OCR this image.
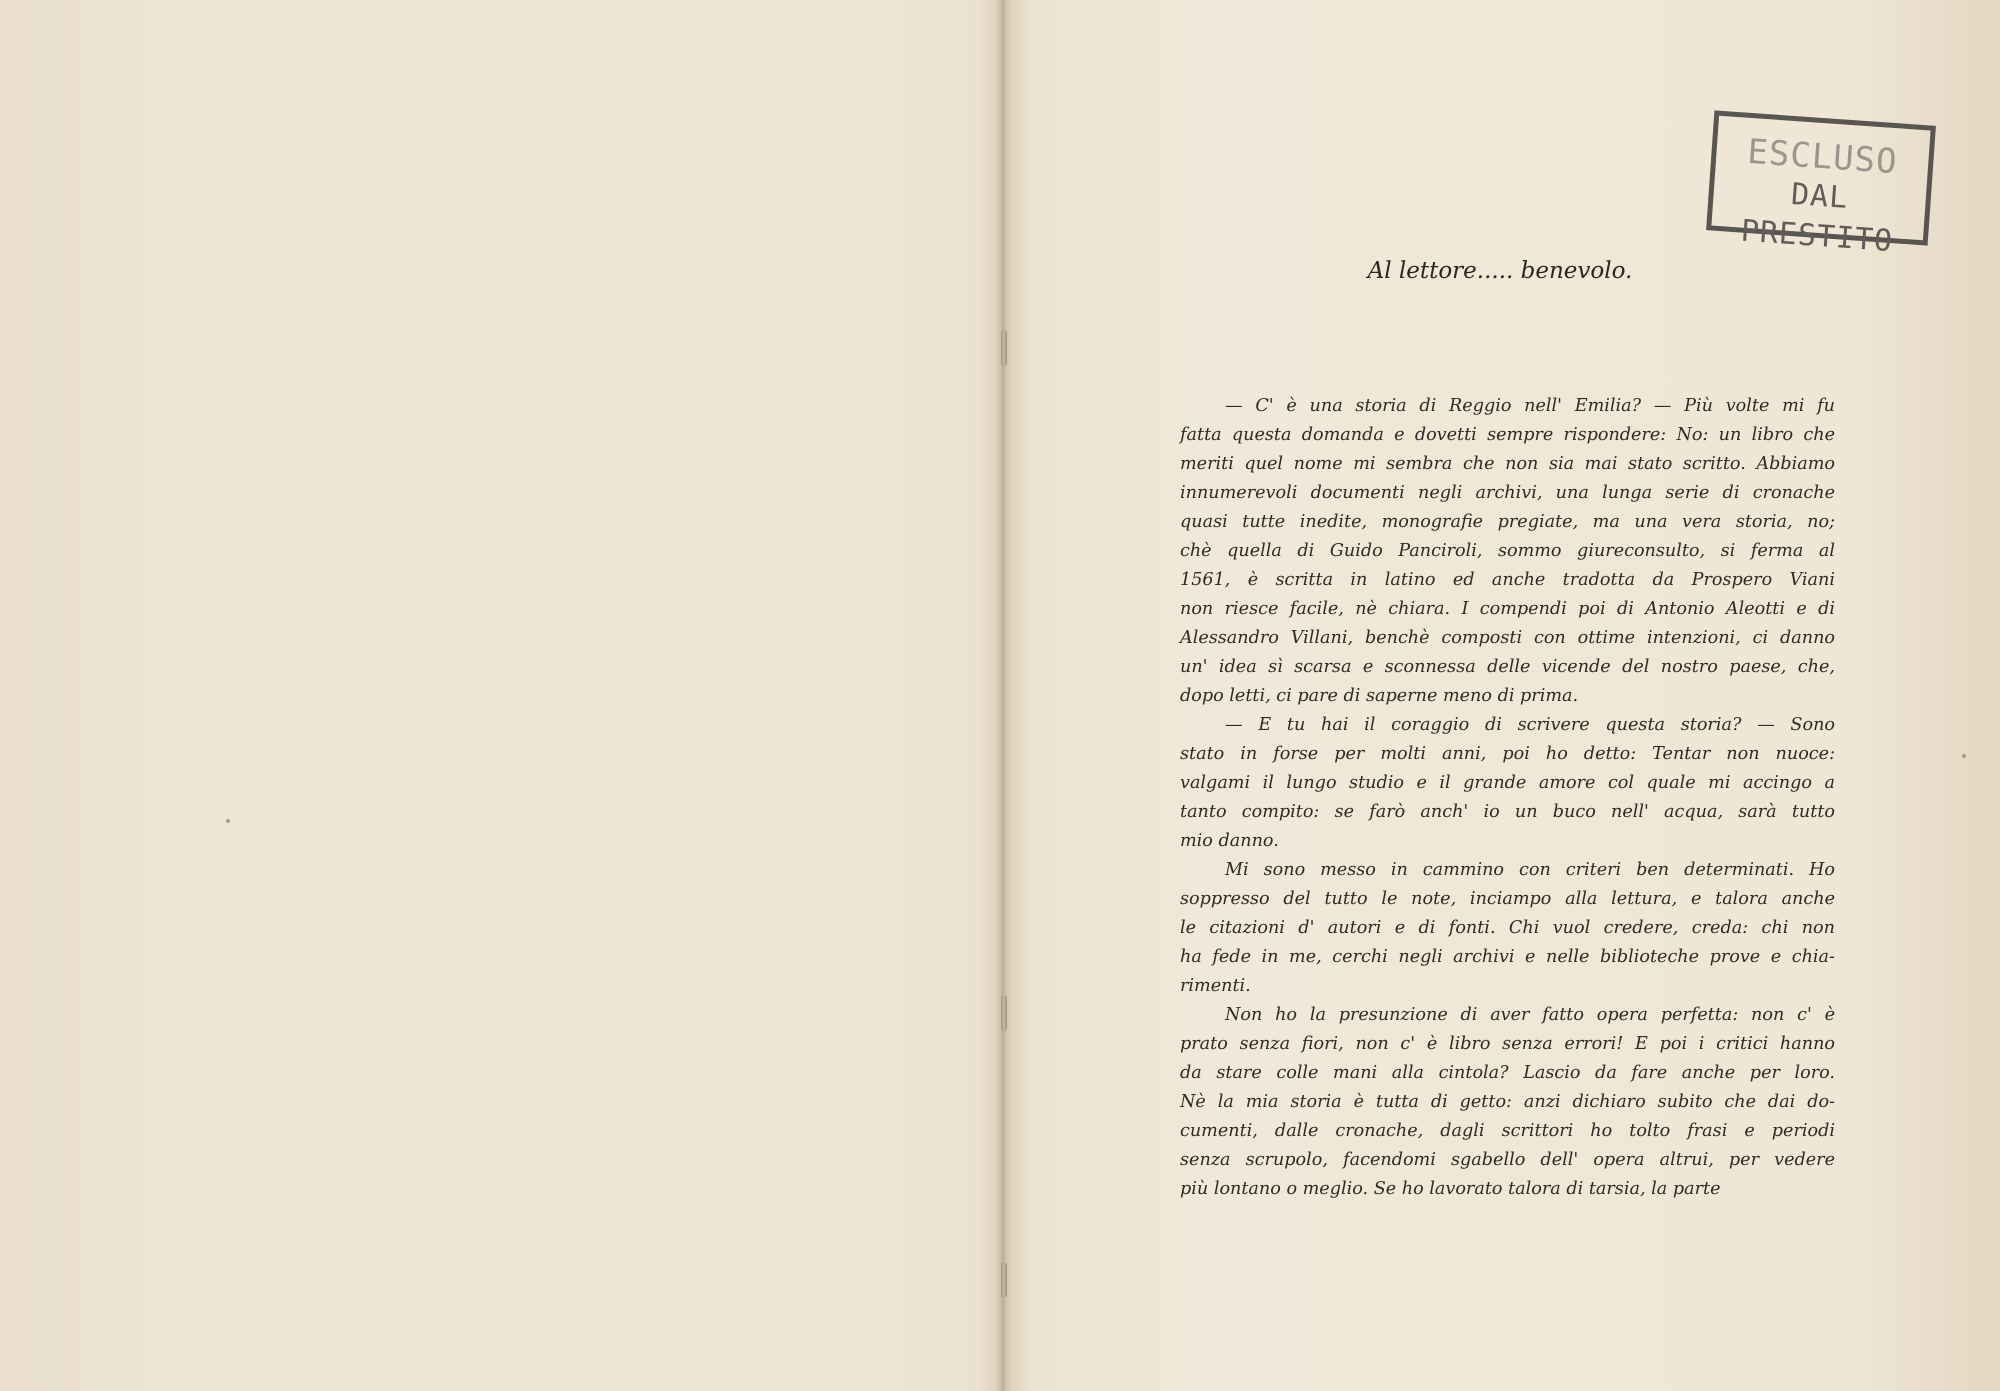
ESCLUSO
DAL PRESTITO
Al lettore..... benevolo.
— C' è una storia di Reggio nell' Emilia? — Più volte mi fu
fatta questa domanda e dovetti sempre rispondere: No: un libro che
meriti quel nome mi sembra che non sia mai stato scritto. Abbiamo
innumerevoli documenti negli archivi, una lunga serie di cronache
quasi tutte inedite, monografie pregiate, ma una vera storia, no;
chè quella di Guido Panciroli, sommo giureconsulto, si ferma al
1561, è scritta in latino ed anche tradotta da Prospero Viani
non riesce facile, nè chiara. I compendi poi di Antonio Aleotti e di
Alessandro Villani, benchè composti con ottime intenzioni, ci danno
un' idea sì scarsa e sconnessa delle vicende del nostro paese, che,
dopo letti, ci pare di saperne meno di prima.
— E tu hai il coraggio di scrivere questa storia? — Sono
stato in forse per molti anni, poi ho detto: Tentar non nuoce:
valgami il lungo studio e il grande amore col quale mi accingo a
tanto compito: se farò anch' io un buco nell' acqua, sarà tutto
mio danno.
Mi sono messo in cammino con criteri ben determinati. Ho
soppresso del tutto le note, inciampo alla lettura, e talora anche
le citazioni d' autori e di fonti. Chi vuol credere, creda: chi non
ha fede in me, cerchi negli archivi e nelle biblioteche prove e chia-
rimenti.
Non ho la presunzione di aver fatto opera perfetta: non c' è
prato senza fiori, non c' è libro senza errori! E poi i critici hanno
da stare colle mani alla cintola? Lascio da fare anche per loro.
Nè la mia storia è tutta di getto: anzi dichiaro subito che dai do-
cumenti, dalle cronache, dagli scrittori ho tolto frasi e periodi
senza scrupolo, facendomi sgabello dell' opera altrui, per vedere
più lontano o meglio. Se ho lavorato talora di tarsia, la parte
